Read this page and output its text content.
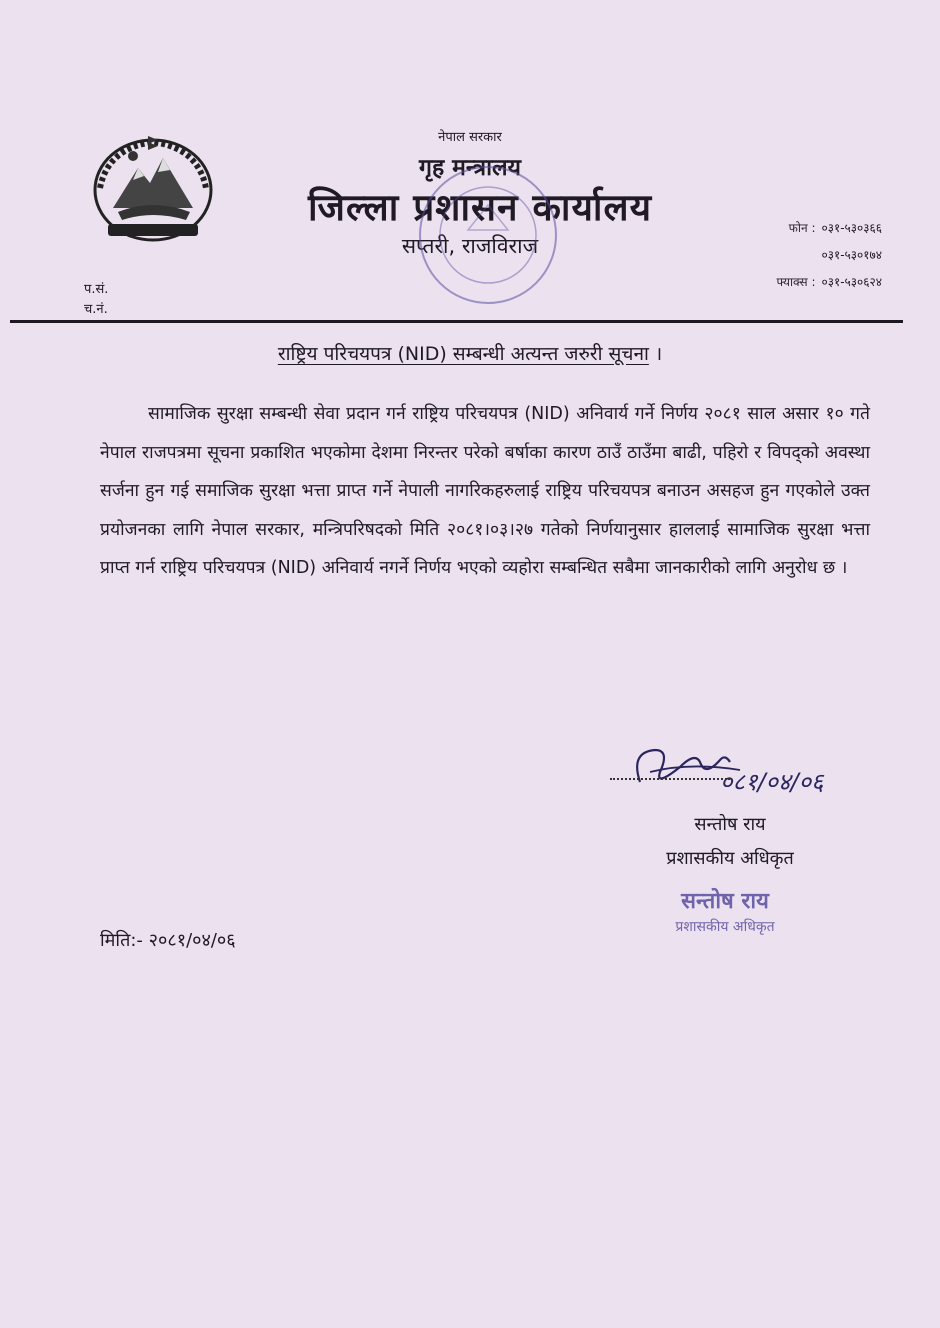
नेपाल सरकार
गृह मन्त्रालय
जिल्ला प्रशासन कार्यालय
सप्तरी, राजविराज
फोन : ०३१-५३०३६६
०३१-५३०१७४
फ्याक्स : ०३१-५३०६२४
प.सं.
च.नं.
राष्ट्रिय परिचयपत्र (NID) सम्बन्धी अत्यन्त जरुरी सूचना ।

सामाजिक सुरक्षा सम्बन्धी सेवा प्रदान गर्न राष्ट्रिय परिचयपत्र (NID) अनिवार्य गर्ने निर्णय २०८१ साल असार १० गते नेपाल राजपत्रमा सूचना प्रकाशित भएकोमा देशमा निरन्तर परेको बर्षाका कारण ठाउँ ठाउँमा बाढी, पहिरो र विपद्को अवस्था सर्जना हुन गई समाजिक सुरक्षा भत्ता प्राप्त गर्ने नेपाली नागरिकहरुलाई राष्ट्रिय परिचयपत्र बनाउन असहज हुन गएकोले उक्त प्रयोजनका लागि नेपाल सरकार, मन्त्रिपरिषदको मिति २०८१।०३।२७ गतेको निर्णयानुसार हाललाई सामाजिक सुरक्षा भत्ता प्राप्त गर्न राष्ट्रिय परिचयपत्र (NID) अनिवार्य नगर्ने निर्णय भएको व्यहोरा सम्बन्धित सबैमा जानकारीको लागि अनुरोध छ ।

०८१/०४/०६
सन्तोष राय
प्रशासकीय अधिकृत
सन्तोष राय
प्रशासकीय अधिकृत
मिति:- २०८१/०४/०६
